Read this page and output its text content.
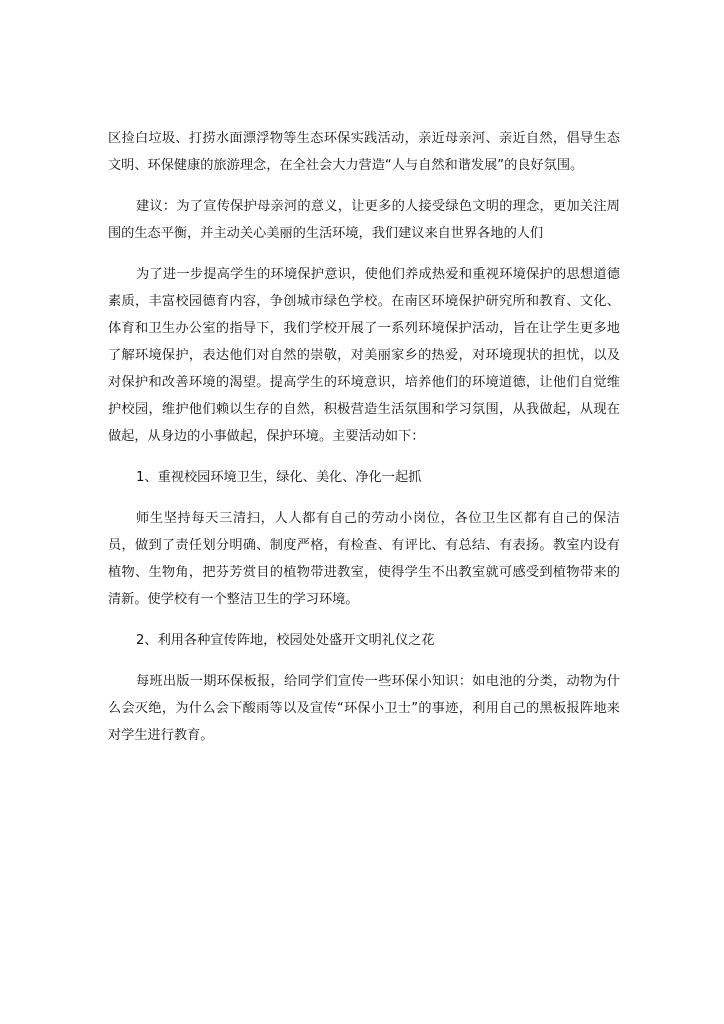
区捡白垃圾、打捞水面漂浮物等生态环保实践活动，亲近母亲河、亲近自然，倡导生态文明、环保健康的旅游理念，在全社会大力营造“人与自然和谐发展”的良好氛围。

建议：为了宣传保护母亲河的意义，让更多的人接受绿色文明的理念，更加关注周围的生态平衡，并主动关心美丽的生活环境，我们建议来自世界各地的人们

为了进一步提高学生的环境保护意识，使他们养成热爱和重视环境保护的思想道德素质，丰富校园德育内容，争创城市绿色学校。在南区环境保护研究所和教育、文化、体育和卫生办公室的指导下，我们学校开展了一系列环境保护活动，旨在让学生更多地了解环境保护，表达他们对自然的崇敬，对美丽家乡的热爱，对环境现状的担忧，以及对保护和改善环境的渴望。提高学生的环境意识，培养他们的环境道德，让他们自觉维护校园，维护他们赖以生存的自然，积极营造生活氛围和学习氛围，从我做起，从现在做起，从身边的小事做起，保护环境。主要活动如下：

1、重视校园环境卫生，绿化、美化、净化一起抓

师生坚持每天三清扫，人人都有自己的劳动小岗位，各位卫生区都有自己的保洁员，做到了责任划分明确、制度严格，有检查、有评比、有总结、有表扬。教室内设有植物、生物角，把芬芳赏目的植物带进教室，使得学生不出教室就可感受到植物带来的清新。使学校有一个整洁卫生的学习环境。

2、利用各种宣传阵地，校园处处盛开文明礼仪之花

每班出版一期环保板报，给同学们宣传一些环保小知识：如电池的分类，动物为什么会灭绝，为什么会下酸雨等以及宣传“环保小卫士”的事迹，利用自己的黑板报阵地来对学生进行教育。
